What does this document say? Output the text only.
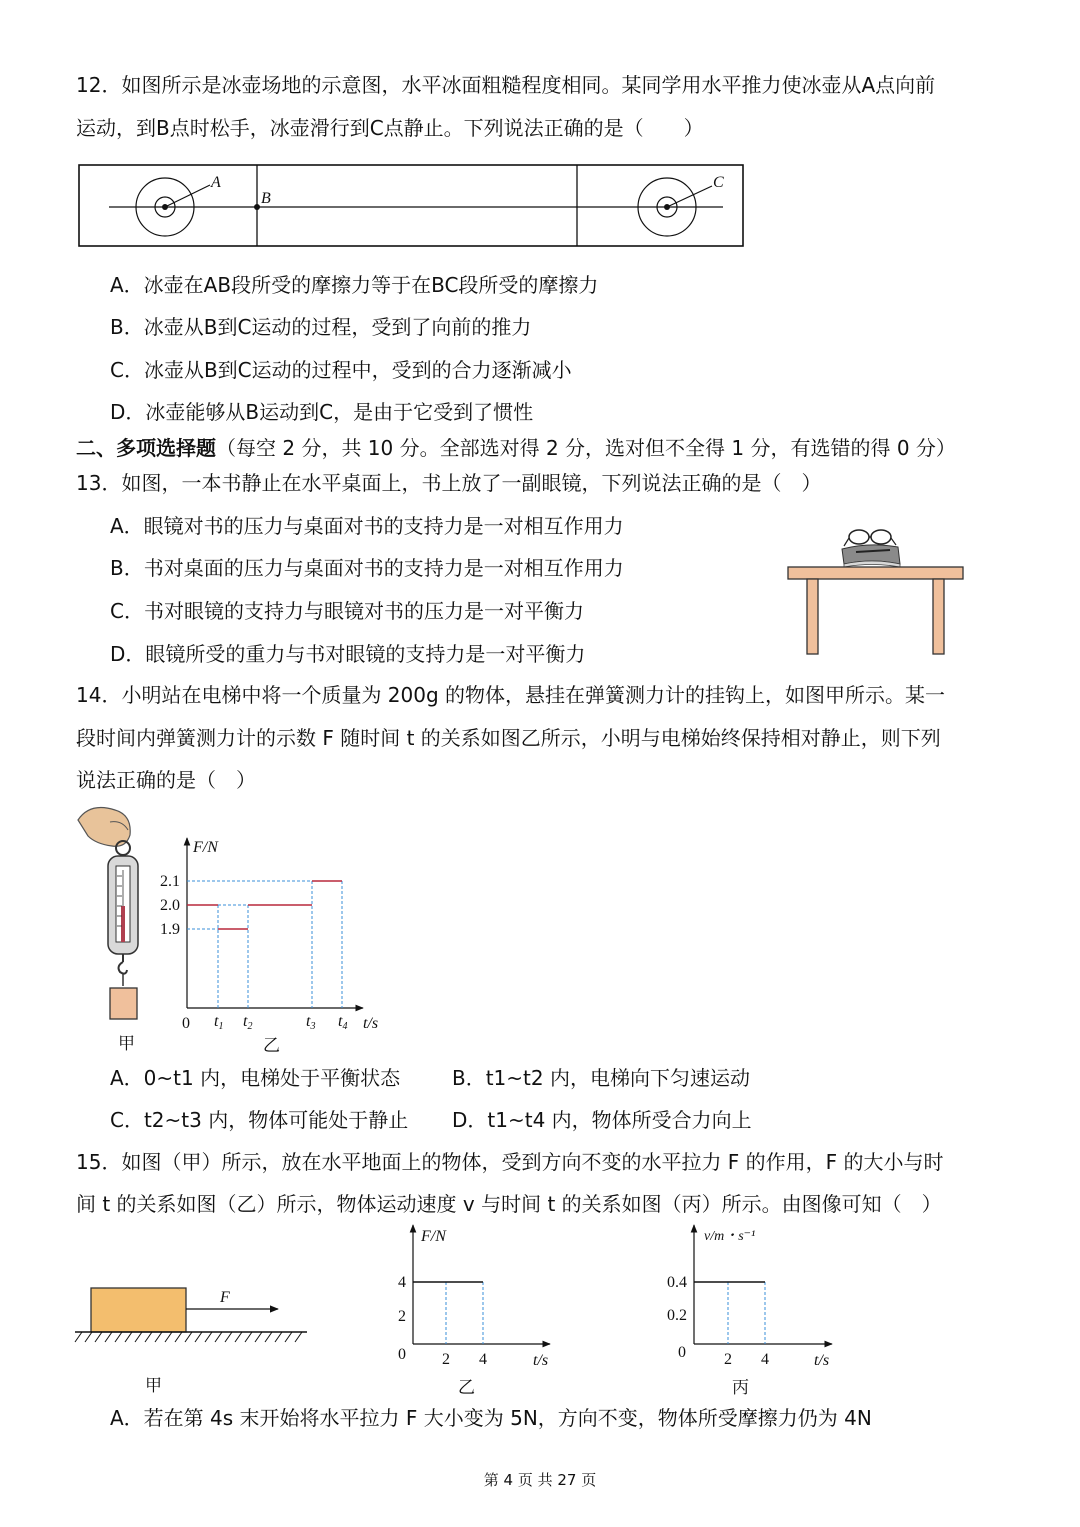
12．如图所示是冰壶场地的示意图，水平冰面粗糙程度相同。某同学用水平推力使冰壶从A点向前
运动，到B点时松手，冰壶滑行到C点静止。下列说法正确的是（　　）
A
B
C
A．冰壶在AB段所受的摩擦力等于在BC段所受的摩擦力
B．冰壶从B到C运动的过程，受到了向前的推力
C．冰壶从B到C运动的过程中，受到的合力逐渐减小
D．冰壶能够从B运动到C，是由于它受到了惯性
二、多项选择题（每空 2 分，共 10 分。全部选对得 2 分，选对但不全得 1 分，有选错的得 0 分）
13．如图，一本书静止在水平桌面上，书上放了一副眼镜，下列说法正确的是（　）
A．眼镜对书的压力与桌面对书的支持力是一对相互作用力
B．书对桌面的压力与桌面对书的支持力是一对相互作用力
C．书对眼镜的支持力与眼镜对书的压力是一对平衡力
D．眼镜所受的重力与书对眼镜的支持力是一对平衡力
14．小明站在电梯中将一个质量为 200g 的物体，悬挂在弹簧测力计的挂钩上，如图甲所示。某一
段时间内弹簧测力计的示数 F 随时间 t 的关系如图乙所示，小明与电梯始终保持相对静止，则下列
说法正确的是（　）
甲
F/N
t/s
0
2.1
2.0
1.9
t1 t2	t3 t4
乙
A．0~t1 内，电梯处于平衡状态	B．t1~t2 内，电梯向下匀速运动
C．t2~t3 内，物体可能处于静止 D．t1~t4 内，物体所受合力向上
15．如图（甲）所示，放在水平地面上的物体，受到方向不变的水平拉力 F 的作用，F 的大小与时
间 t 的关系如图（乙）所示，物体运动速度 v 与时间 t 的关系如图（丙）所示。由图像可知（　）
F
甲
F/N
t/s
0
4
2
2 4
乙
v/m・s⁻¹
t/s
0
0.4
0.2
2 4
丙
A．若在第 4s 末开始将水平拉力 F 大小变为 5N，方向不变，物体所受摩擦力仍为 4N
第 4 页 共 27 页
